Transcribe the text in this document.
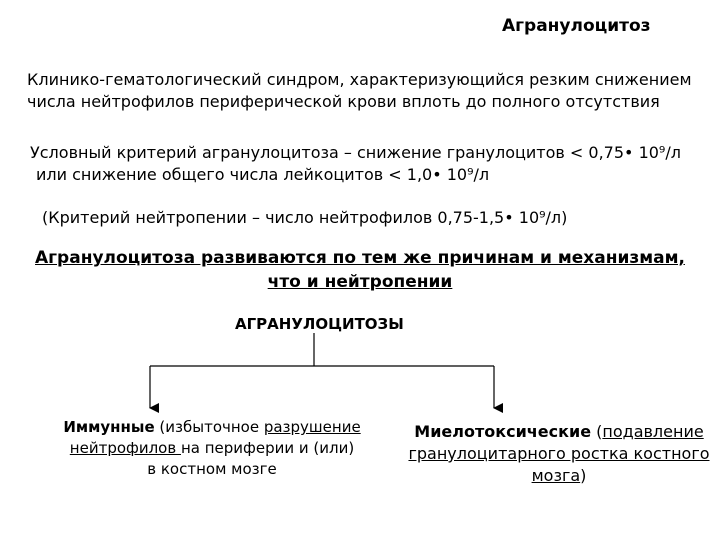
Агранулоцитоз
Клинико-гематологический синдром, характеризующийся резким снижением
числа нейтрофилов периферической крови вплоть до полного отсутствия
Условный критерий агранулоцитоза – снижение гранулоцитов < 0,75• 10⁹/л
или снижение общего числа лейкоцитов < 1,0• 10⁹/л
(Критерий нейтропении – число нейтрофилов 0,75-1,5• 10⁹/л)
Агранулоцитоза развиваются по тем же причинам и механизмам,
что и нейтропении
АГРАНУЛОЦИТОЗЫ
Иммунные (избыточное разрушение
нейтрофилов на периферии и (или)
в костном мозге
Миелотоксические (подавление
гранулоцитарного ростка костного
мозга)
